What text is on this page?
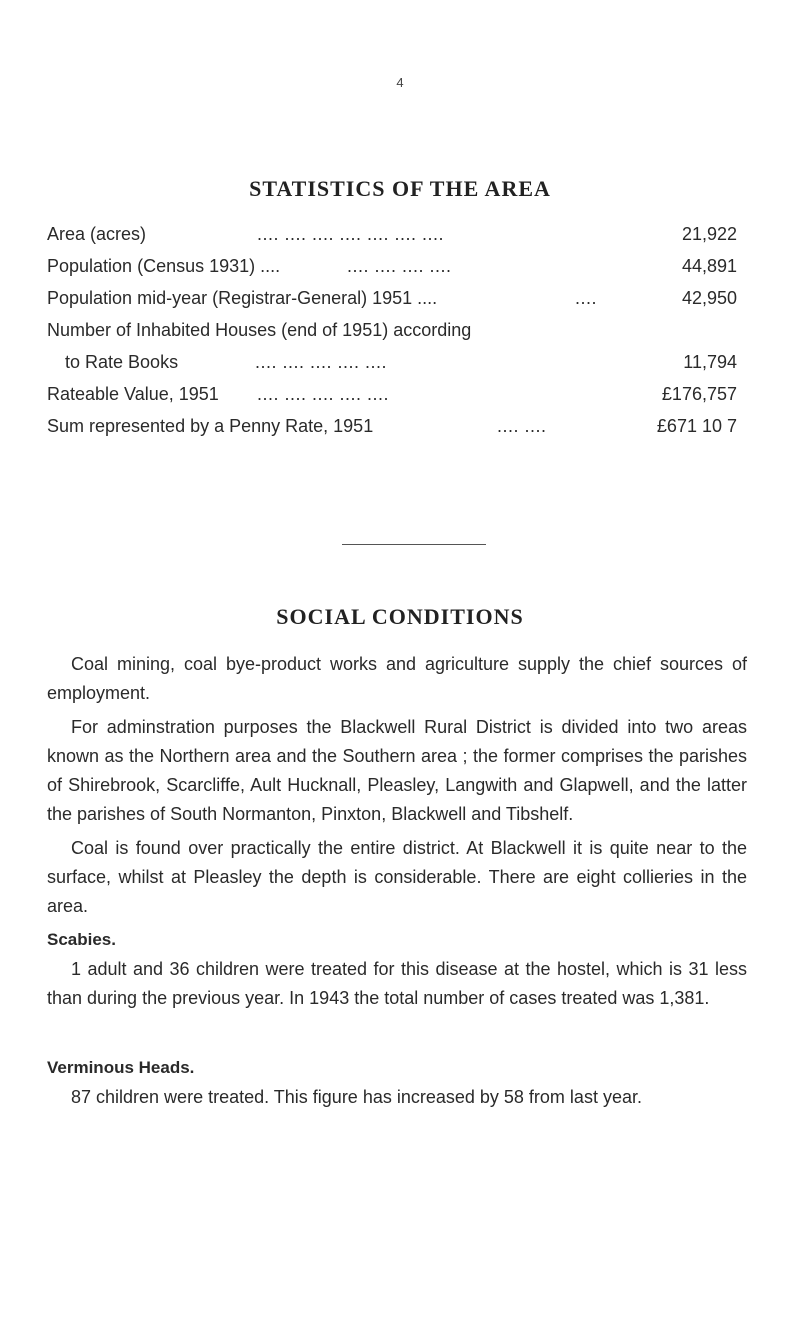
4
STATISTICS OF THE AREA
Area (acres)	.... .... .... .... .... .... ....	21,922
Population (Census 1931) ....	.... .... .... ....	44,891
Population mid-year (Registrar-General) 1951 ....	....	42,950
Number of Inhabited Houses (end of 1951) according
to Rate Books	.... .... .... .... ....	11,794
Rateable Value, 1951 .... .... .... .... ....	£176,757
Sum represented by a Penny Rate, 1951	.... ....	£671 10 7
SOCIAL CONDITIONS

Coal mining, coal bye-product works and agriculture supply the chief sources of employment.

For adminstration purposes the Blackwell Rural District is divided into two areas known as the Northern area and the Southern area ; the former comprises the parishes of Shirebrook, Scarcliffe, Ault Hucknall, Pleasley, Langwith and Glapwell, and the latter the parishes of South Normanton, Pinxton, Blackwell and Tibshelf.

Coal is found over practically the entire district. At Blackwell it is quite near to the surface, whilst at Pleasley the depth is considerable. There are eight collieries in the area.

Scabies.

1 adult and 36 children were treated for this disease at the hostel, which is 31 less than during the previous year. In 1943 the total number of cases treated was 1,381.

Verminous Heads.

87 children were treated. This figure has increased by 58 from last year.
